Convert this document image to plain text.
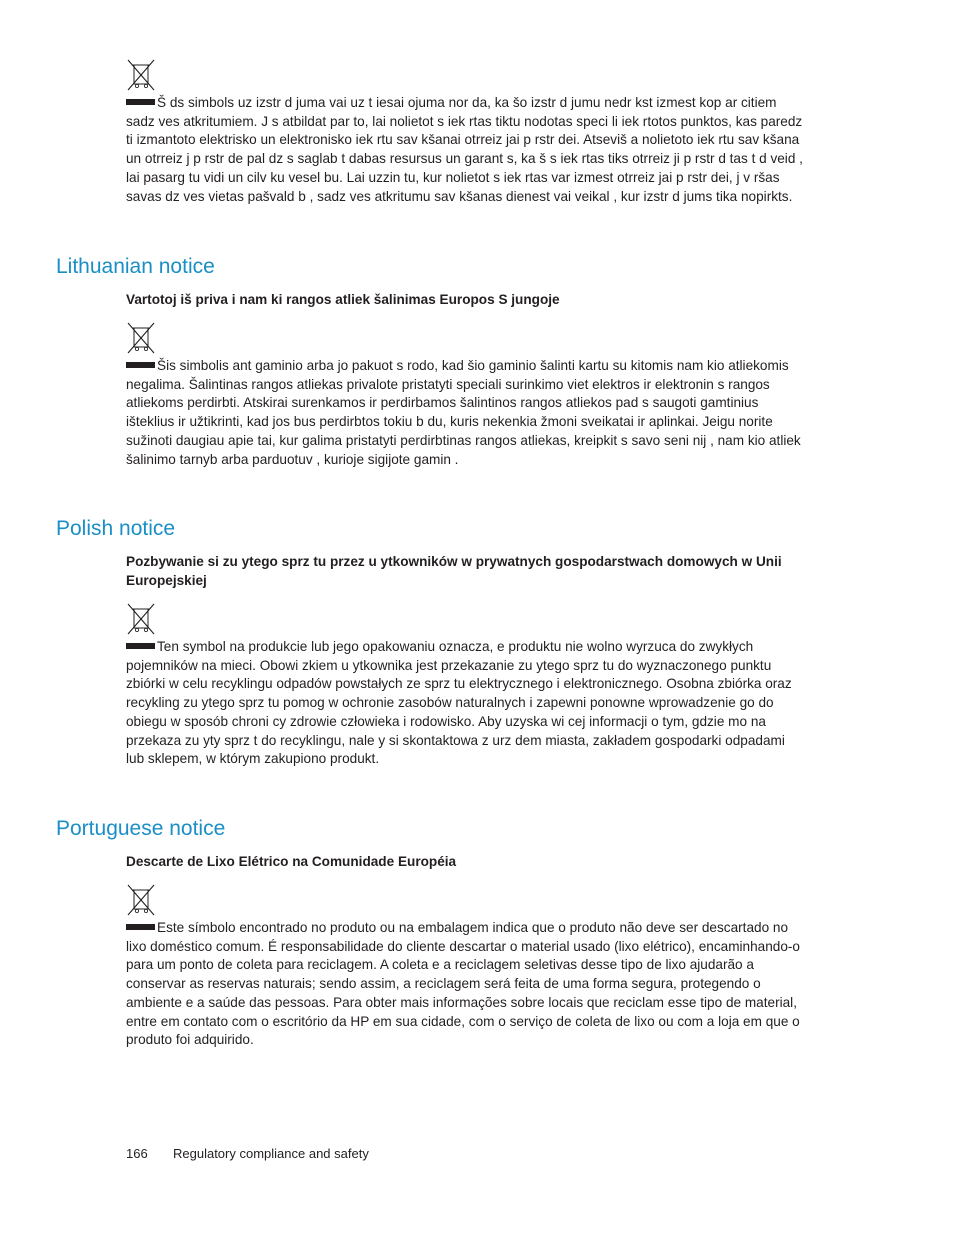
Š ds simbols uz izstr d juma vai uz t iesai ojuma nor da, ka šo izstr d jumu nedr kst izmest kop ar citiem sadz ves atkritumiem. J s atbildat par to, lai nolietot s iek rtas tiktu nodotas speci li iek rtotos punktos, kas paredz ti izmantoto elektrisko un elektronisko iek rtu sav kšanai otrreiz jai p rstr dei. Atseviš a nolietoto iek rtu sav kšana un otrreiz j p rstr de pal dz s saglab t dabas resursus un garant s, ka š s iek rtas tiks otrreiz ji p rstr d tas t d veid , lai pasarg tu vidi un cilv ku vesel bu. Lai uzzin tu, kur nolietot s iek rtas var izmest otrreiz jai p rstr dei, j v ršas savas dz ves vietas pašvald b , sadz ves atkritumu sav kšanas dienest vai veikal , kur izstr d jums tika nopirkts.

Lithuanian notice

Vartotoj iš priva i nam ki rangos atliek šalinimas Europos S jungoje

Šis simbolis ant gaminio arba jo pakuot s rodo, kad šio gaminio šalinti kartu su kitomis nam kio atliekomis negalima. Šalintinas rangos atliekas privalote pristatyti speciali surinkimo viet elektros ir elektronin s rangos atliekoms perdirbti. Atskirai surenkamos ir perdirbamos šalintinos rangos atliekos pad s saugoti gamtinius išteklius ir užtikrinti, kad jos bus perdirbtos tokiu b du, kuris nekenkia žmoni sveikatai ir aplinkai. Jeigu norite sužinoti daugiau apie tai, kur galima pristatyti perdirbtinas rangos atliekas, kreipkit s savo seni nij , nam kio atliek šalinimo tarnyb arba parduotuv , kurioje sigijote gamin .

Polish notice

Pozbywanie si zu ytego sprz tu przez u ytkowników w prywatnych gospodarstwach domowych w Unii Europejskiej

Ten symbol na produkcie lub jego opakowaniu oznacza, e produktu nie wolno wyrzuca do zwykłych pojemników na mieci. Obowi zkiem u ytkownika jest przekazanie zu ytego sprz tu do wyznaczonego punktu zbiórki w celu recyklingu odpadów powstałych ze sprz tu elektrycznego i elektronicznego. Osobna zbiórka oraz recykling zu ytego sprz tu pomog w ochronie zasobów naturalnych i zapewni ponowne wprowadzenie go do obiegu w sposób chroni cy zdrowie człowieka i rodowisko. Aby uzyska wi cej informacji o tym, gdzie mo na przekaza zu yty sprz t do recyklingu, nale y si skontaktowa z urz dem miasta, zakładem gospodarki odpadami lub sklepem, w którym zakupiono produkt.

Portuguese notice

Descarte de Lixo Elétrico na Comunidade Européia

Este símbolo encontrado no produto ou na embalagem indica que o produto não deve ser descartado no lixo doméstico comum. É responsabilidade do cliente descartar o material usado (lixo elétrico), encaminhando-o para um ponto de coleta para reciclagem. A coleta e a reciclagem seletivas desse tipo de lixo ajudarão a conservar as reservas naturais; sendo assim, a reciclagem será feita de uma forma segura, protegendo o ambiente e a saúde das pessoas. Para obter mais informações sobre locais que reciclam esse tipo de material, entre em contato com o escritório da HP em sua cidade, com o serviço de coleta de lixo ou com a loja em que o produto foi adquirido.

166 Regulatory compliance and safety
